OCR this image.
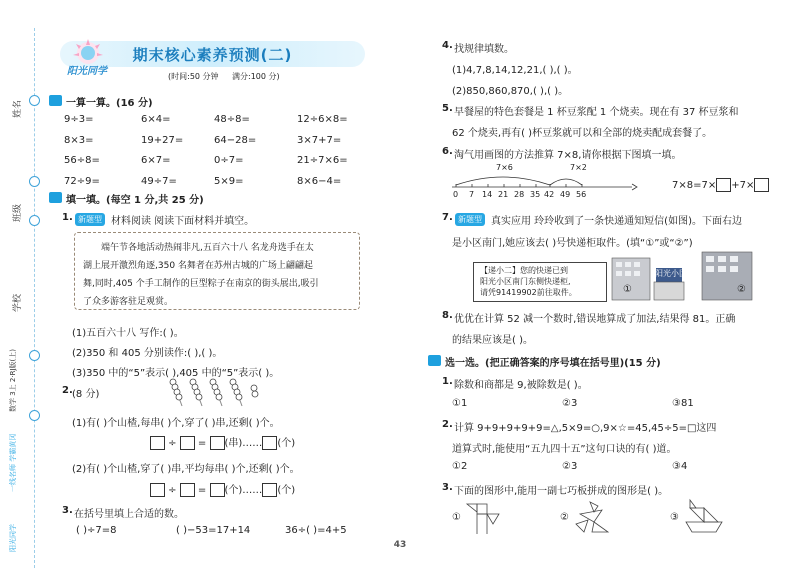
姓名
班级
学校
数学 3上 2·RJ版(上)
一线名师 学霸黄冈
阳光同学
期末核心素养预测(二)
阳光同学	(时间:50 分钟 满分:100 分)
一算一算。(16 分)
9÷3=	6×4=	48÷8=	12÷6×8=
8×3=	19+27=	64−28=	3×7+7=
56÷8=	6×7=	0÷7=	21÷7×6=
72÷9=	49÷7=	5×9=	8×6−4=
填一填。(每空 1 分,共 25 分)
1. 新题型 材料阅读 阅读下面材料并填空。
端午节各地活动热闹非凡,五百六十八 名龙舟选手在太
湖上展开激烈角逐,350 名舞者在苏州古城的广场上翩翩起
舞,同时,405 个手工制作的巨型粽子在南京的街头展出,吸引
了众多游客驻足观赏。
(1)五百六十八 写作:( )。
(2)350 和 405 分别读作:( ),( )。
(3)350 中的“5”表示( ),405 中的“5”表示( )。
2. (8 分)
(1)有( )个山楂,每串( )个,穿了( )串,还剩( )个。
÷  = (串)…… (个)
(2)有( )个山楂,穿了( )串,平均每串( )个,还剩( )个。
÷  = (个)…… (个)
3. 在括号里填上合适的数。
( )÷7=8	( )−53=17+14	36÷( )=4+5
4. 找规律填数。
(1)4,7,8,14,12,21,( ),( )。
(2)850,860,870,( ),( )。
5. 早餐屋的特色套餐是 1 杯豆浆配 1 个烧卖。现在有 37 杯豆浆和
62 个烧卖,再有( )杯豆浆就可以和全部的烧卖配成套餐了。
6. 淘气用画图的方法推算 7×8,请你根据下图填一填。
7×6	7×2
0 7 14 21 28 35 42 49 56
7×8=7× +7×
7. 新题型 真实应用 玲玲收到了一条快递通知短信(如图)。下面右边
是小区南门,她应该去( )号快递柜取件。(填“①”或“②”)
【递小二】您的快递已到
阳光小区南门东侧快递柜,
请凭91419902前往取件。
阳光小区
①	②
8. 优优在计算 52 减一个数时,错误地算成了加法,结果得 81。正确
的结果应该是( )。
选一选。(把正确答案的序号填在括号里)(15 分)
1. 除数和商都是 9,被除数是( )。
①1	②3	③81
2. 计算 9+9+9+9+9=△,5×9=○,9×☆=45,45÷5=□这四
道算式时,能使用“五九四十五”这句口诀的有( )道。
①2	②3	③4
3. 下面的图形中,能用一副七巧板拼成的图形是( )。
①	②	③
43
